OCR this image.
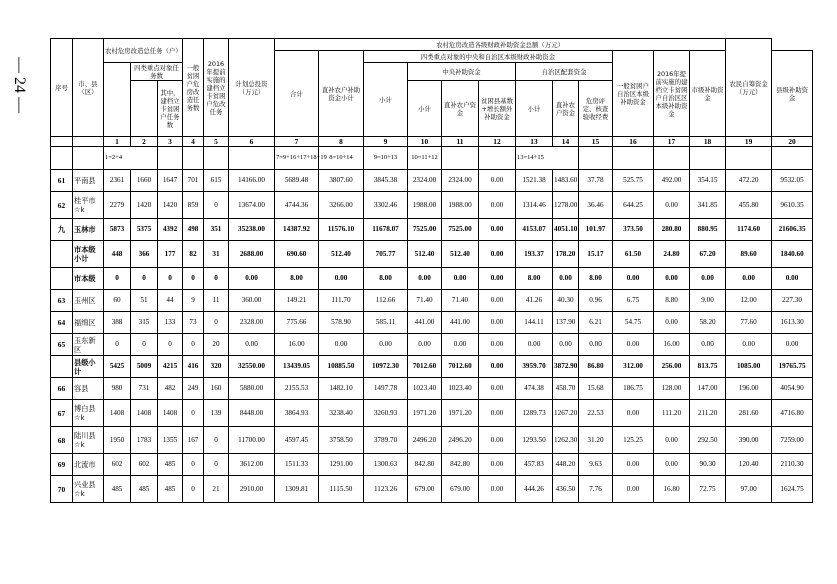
— 24 —	序号	市、县（区）	农村危房改造总任务（户）			一般贫困户危房改造任务数	2016年提前实施的建档立卡贫困户危改任务	计划总投资（万元）	农村危房改造各级财政补助资金总额（万元）												农民自筹资金（万元）	
								合计	直补农户补助资金小计	四类重点对象的中央和自治区本级财政补助资金							一般贫困户自治区本级补助资金	2016年提前实施的建档立卡贫困户自治区区本级补助资金	市级补助资金		县级补助资金
			四类重点对象任务数							小计	中央补助资金			自治区配套资金							
				其中，建档立卡贫困户任务数							小计	直补农户资金	贫困县基数+增长额外补助资金	小计	直补农户资金	危房评定、核查验收经费					

		1	2	3	4	5	6	7	8	9	10	11	12	13	14	15	16	17	18	19	20
		1=2+4						7=9+16+17+18+19	8=10+14	9=10+13	10=11+12			13=14+15							
61	平南县	2361	1660	1647	701	615	14166.00	5689.48	3807.60	3845.38	2324.00	2324.00	0.00	1521.38	1483.60	37.78	525.75	492.00	354.15	472.20	9532.05
62	桂平市☆k	2279	1420	1420	859	0	13674.00	4744.36	3266.00	3302.46	1988.00	1988.00	0.00	1314.46	1278.00	36.46	644.25	0.00	341.85	455.80	9610.35
九	玉林市	5873	5375	4392	498	351	35238.00	14387.92	11576.10	11678.07	7525.00	7525.00	0.00	4153.07	4051.10	101.97	373.50	280.80	880.95	1174.60	21606.35
	市本级小计	448	366	177	82	31	2688.00	690.60	512.40	705.77	512.40	512.40	0.00	193.37	178.20	15.17	61.50	24.80	67.20	89.60	1840.60
	市本级	0	0	0	0	0	0.00	8.00	0.00	8.00	0.00	0.00	0.00	8.00	0.00	8.00	0.00	0.00	0.00	0.00	0.00
63	玉州区	60	51	44	9	11	360.00	149.21	111.70	112.66	71.40	71.40	0.00	41.26	40.30	0.96	6.75	8.80	9.00	12.00	227.30
64	福绵区	388	315	133	73	0	2328.00	775.66	578.90	585.11	441.00	441.00	0.00	144.11	137.90	6.21	54.75	0.00	58.20	77.60	1613.30
65	玉东新区	0	0	0	0	20	0.00	16.00	0.00	0.00	0.00	0.00	0.00	0.00	0.00	0.00	0.00	16.00	0.00	0.00	0.00
	县级小计	5425	5009	4215	416	320	32550.00	13439.05	10885.50	10972.30	7012.60	7012.60	0.00	3959.70	3872.90	86.80	312.00	256.00	813.75	1085.00	19765.75
66	容县	980	731	482	249	160	5880.00	2155.53	1482.10	1497.78	1023.40	1023.40	0.00	474.38	458.70	15.68	186.75	128.00	147.00	196.00	4054.90
67	博白县☆k	1408	1408	1408	0	139	8448.00	3864.93	3238.40	3260.93	1971.20	1971.20	0.00	1289.73	1267.20	22.53	0.00	111.20	211.20	281.60	4716.80
68	陆川县☆k	1950	1783	1355	167	0	11700.00	4597.45	3758.50	3789.70	2496.20	2496.20	0.00	1293.50	1262.30	31.20	125.25	0.00	292.50	390.00	7259.00
69	北流市	602	602	485	0	0	3612.00	1511.33	1291.00	1300.63	842.80	842.80	0.00	457.83	448.20	9.63	0.00	0.00	90.30	120.40	2110.30
70	兴业县☆k	485	485	485	0	21	2910.00	1309.81	1115.50	1123.26	679.00	679.00	0.00	444.26	436.50	7.76	0.00	16.80	72.75	97.00	1624.75
